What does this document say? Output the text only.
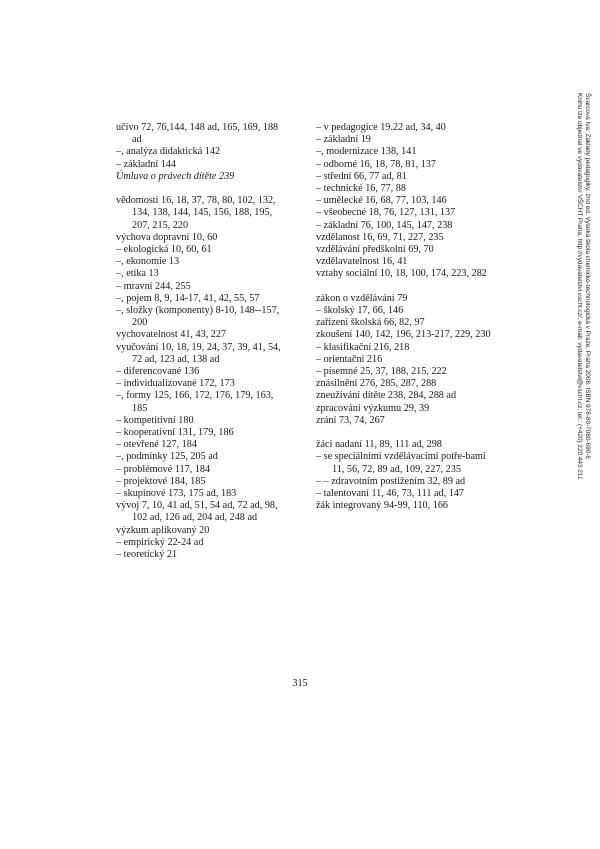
učivo 72, 76,144, 148 ad, 165, 169, 188 ad
–, analýza didaktická 142
– základní 144
Úmluva o právech dítěte 239
vědomosti 16, 18, 37, 78, 80, 102, 132, 134, 138, 144, 145, 156, 188, 195, 207, 215, 220
výchova dopravní 10, 60
– ekologická 10, 60, 61
–, ekonomie 13
–, etika 13
– mravní 244, 255
–, pojem 8, 9, 14-17, 41, 42, 55, 57
–, složky (komponenty) 8-10, 148--157, 200
vychovatelnost 41, 43, 227
vyučování 10, 18, 19, 24, 37, 39, 41, 54, 72 ad, 123 ad, 138 ad
– diferencované 136
– individualizované 172, 173
–, formy 125, 166, 172, 176, 179, 163, 185
– kompetitivní 180
– kooperativní 131, 179, 186
– otevřené 127, 184
–, podmínky 125, 205 ad
– problémové 117, 184
– projektové 184, 185
– skupinové 173, 175 ad, 183
vývoj 7, 10, 41 ad, 51, 54 ad, 72 ad, 98, 102 ad, 126 ad, 204 ad, 248 ad
výzkum aplikovaný 20
– empirický 22-24 ad
– teoretický 21
– v pedagogice 19.22 ad, 34, 40
– základní 19
–, modernizace 138, 141
– odborné 16, 18, 78, 81, 137
– střední 66, 77 ad, 81
– technické 16, 77, 88
– umělecké 16, 68, 77, 103, 146
– všeobecné 18, 76, 127, 131, 137
– základní 76, 100, 145, 147, 238
vzdělanost 16, 69, 71, 227, 235
vzdělávání předškolní 69, 70
vzdělavatelnost 16, 41
vztahy sociální 10, 18, 100, 174, 223, 282
zákon o vzdělávání 79
– školský 17, 66, 146
zařízení školská 66, 82, 97
zkoušení 140, 142, 196, 213-217, 229, 230
– klasifikační 216, 218
– orientační 216
– písemné 25, 37, 188, 215, 222
znásilnění 276, 285, 287, 288
zneužívání dítěte 238, 284, 288 ad
zpracování výzkumu 29, 39
zrání 73, 74, 267
žáci nadaní 11, 89, 111 ad, 298
– se speciálními vzdělávacími potře-bami 11, 56, 72, 89 ad, 109, 227, 235
– – zdravotním postižením 32, 89 ad
– talentovaní 11, 46, 73, 111 ad, 147
žák integrovaný 94-99, 110, 166
315
Švarcová Iva: Základy pedagogiky, 2nd ed. Vysoká škola chemicko-technologická v Praze, Praha 2008. ISBN 978-80-7080-690-6
Knihu lze objednat ve vydavatelství VŠCHT Praha, http://vydavatelstvi.vscht.cz/, e-mail: vydavatelstvi@vscht.cz, tel.: (+420) 220 443 211
